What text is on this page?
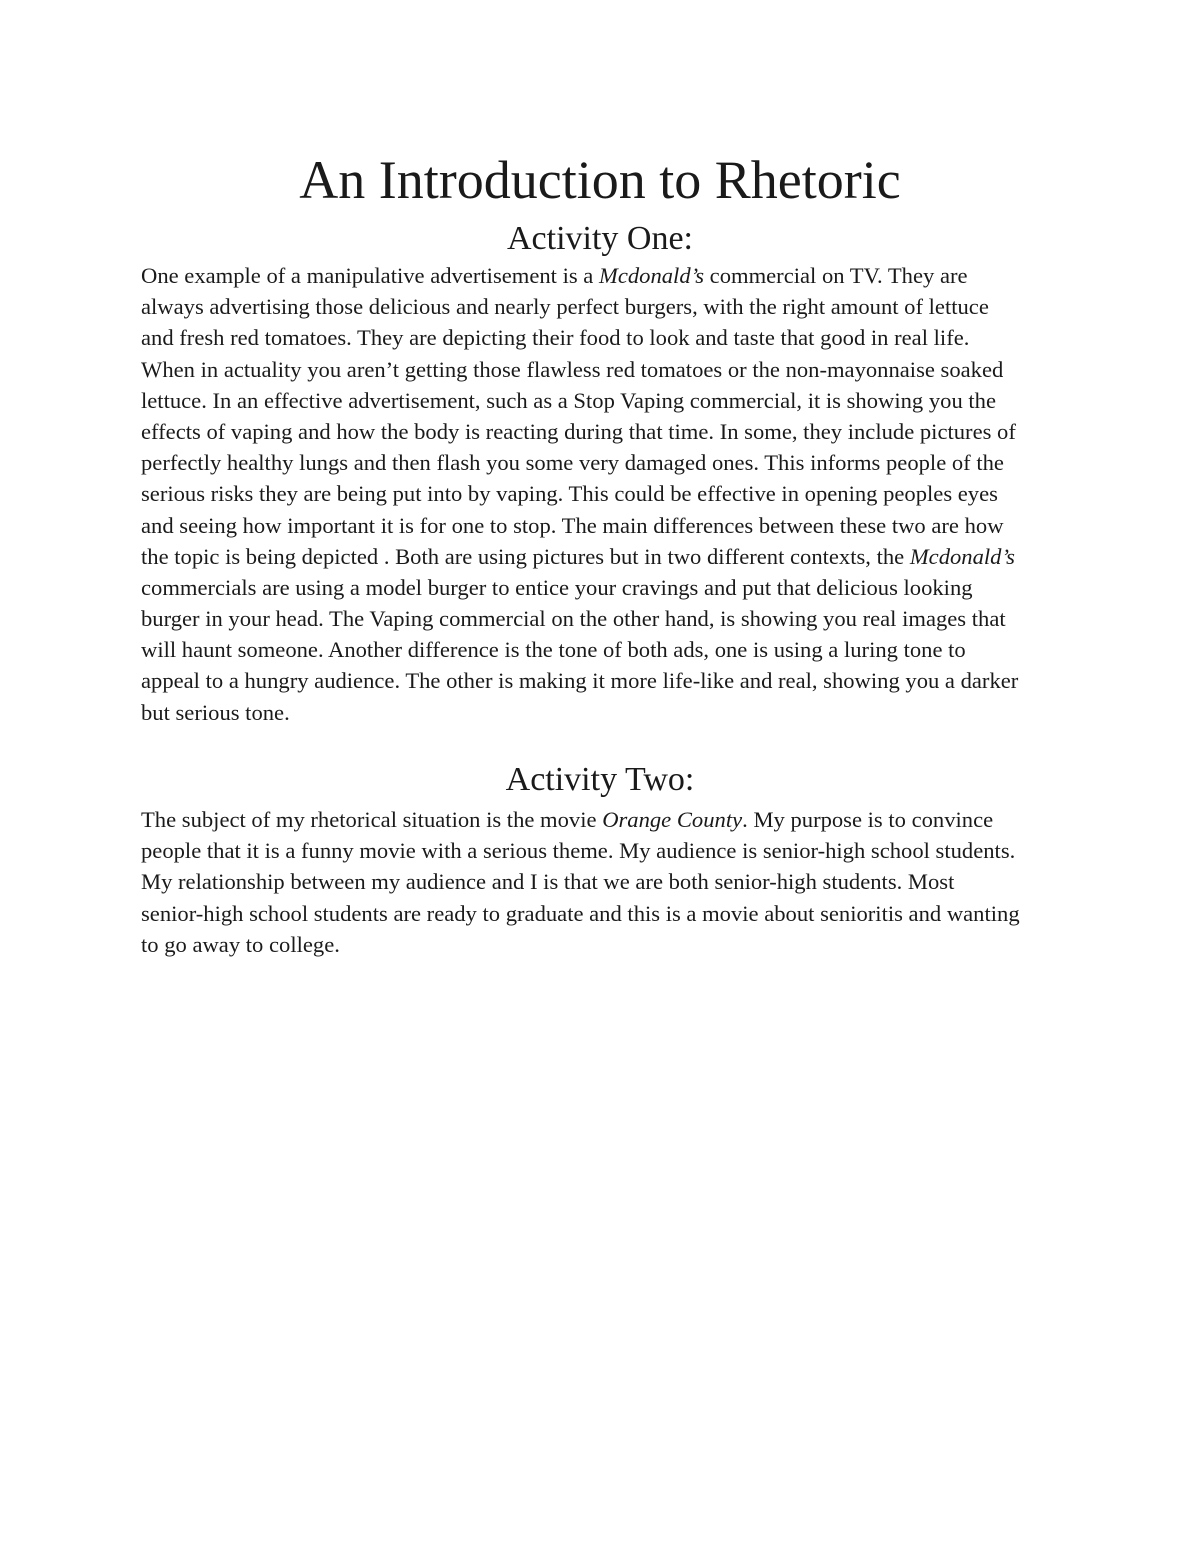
An Introduction to Rhetoric
Activity One:
One example of a manipulative advertisement is a Mcdonald’s commercial on TV. They are
always advertising those delicious and nearly perfect burgers, with the right amount of lettuce
and fresh red tomatoes. They are depicting their food to look and taste that good in real life.
When in actuality you aren’t getting those flawless red tomatoes or the non-mayonnaise soaked
lettuce. In an effective advertisement, such as a Stop Vaping commercial, it is showing you the
effects of vaping and how the body is reacting during that time. In some, they include pictures of
perfectly healthy lungs and then flash you some very damaged ones. This informs people of the
serious risks they are being put into by vaping. This could be effective in opening peoples eyes
and seeing how important it is for one to stop. The main differences between these two are how
the topic is being depicted . Both are using pictures but in two different contexts, the Mcdonald’s
commercials are using a model burger to entice your cravings and put that delicious looking
burger in your head. The Vaping commercial on the other hand, is showing you real images that
will haunt someone. Another difference is the tone of both ads, one is using a luring tone to
appeal to a hungry audience. The other is making it more life-like and real, showing you a darker
but serious tone.
Activity Two:
The subject of my rhetorical situation is the movie Orange County. My purpose is to convince
people that it is a funny movie with a serious theme. My audience is senior-high school students.
My relationship between my audience and I is that we are both senior-high students. Most
senior-high school students are ready to graduate and this is a movie about senioritis and wanting
to go away to college.
